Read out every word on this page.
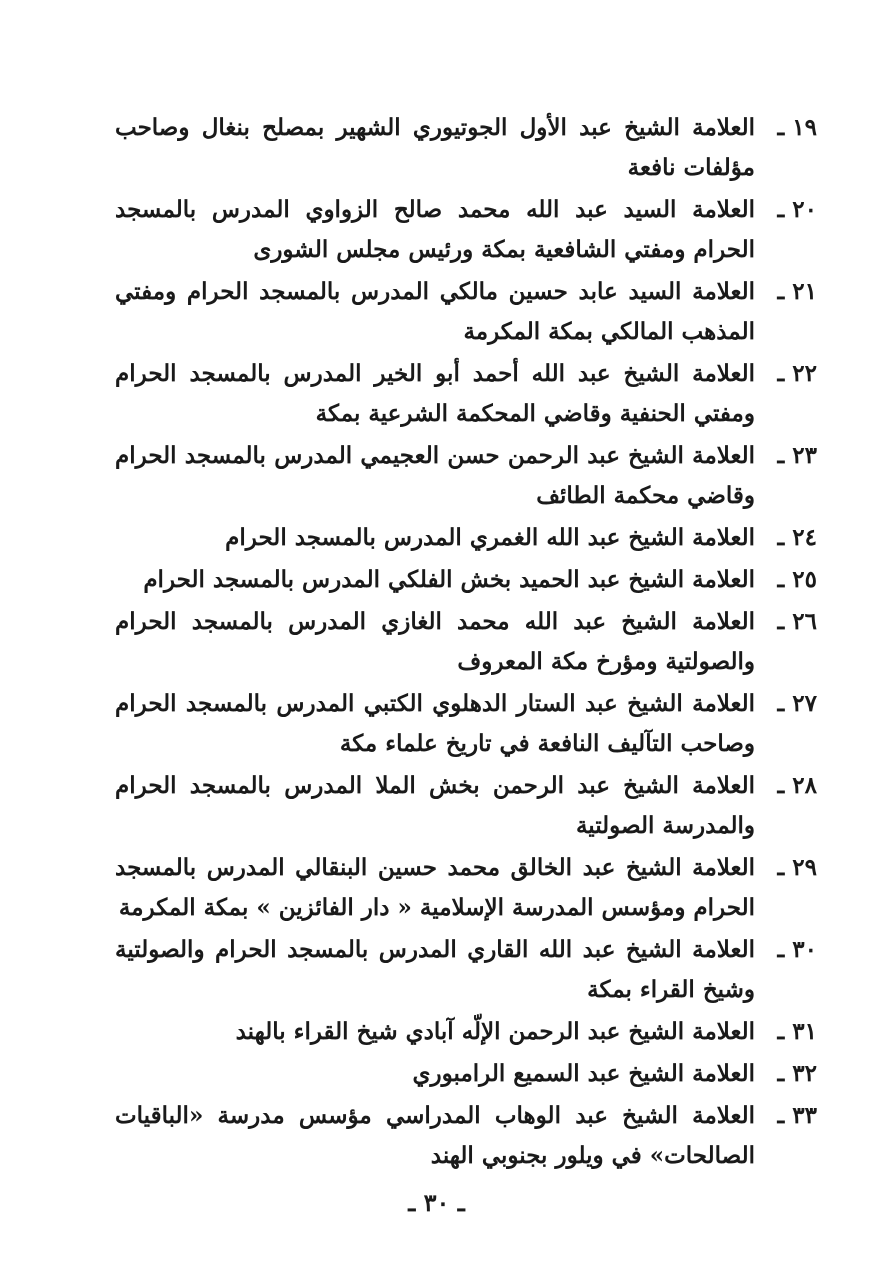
١٩ ـ
العلامة الشيخ عبد الأول الجوتيوري الشهير بمصلح بنغال وصاحب مؤلفات نافعة
٢٠ ـ
العلامة السيد عبد الله محمد صالح الزواوي المدرس بالمسجد الحرام ومفتي الشافعية بمكة ورئيس مجلس الشورى
٢١ ـ
العلامة السيد عابد حسين مالكي المدرس بالمسجد الحرام ومفتي المذهب المالكي بمكة المكرمة
٢٢ ـ
العلامة الشيخ عبد الله أحمد أبو الخير المدرس بالمسجد الحرام ومفتي الحنفية وقاضي المحكمة الشرعية بمكة
٢٣ ـ
العلامة الشيخ عبد الرحمن حسن العجيمي المدرس بالمسجد الحرام وقاضي محكمة الطائف
٢٤ ـ
العلامة الشيخ عبد الله الغمري المدرس بالمسجد الحرام
٢٥ ـ
العلامة الشيخ عبد الحميد بخش الفلكي المدرس بالمسجد الحرام
٢٦ ـ
العلامة الشيخ عبد الله محمد الغازي المدرس بالمسجد الحرام والصولتية ومؤرخ مكة المعروف
٢٧ ـ
العلامة الشيخ عبد الستار الدهلوي الكتبي المدرس بالمسجد الحرام وصاحب التآليف النافعة في تاريخ علماء مكة
٢٨ ـ
العلامة الشيخ عبد الرحمن بخش الملا المدرس بالمسجد الحرام والمدرسة الصولتية
٢٩ ـ
العلامة الشيخ عبد الخالق محمد حسين البنقالي المدرس بالمسجد الحرام ومؤسس المدرسة الإسلامية « دار الفائزين » بمكة المكرمة
٣٠ ـ
العلامة الشيخ عبد الله القاري المدرس بالمسجد الحرام والصولتية وشيخ القراء بمكة
٣١ ـ
العلامة الشيخ عبد الرحمن الإلّه آبادي شيخ القراء بالهند
٣٢ ـ
العلامة الشيخ عبد السميع الرامبوري
٣٣ ـ
العلامة الشيخ عبد الوهاب المدراسي مؤسس مدرسة «الباقيات الصالحات» في ويلور بجنوبي الهند
ـ ٣٠ ـ
